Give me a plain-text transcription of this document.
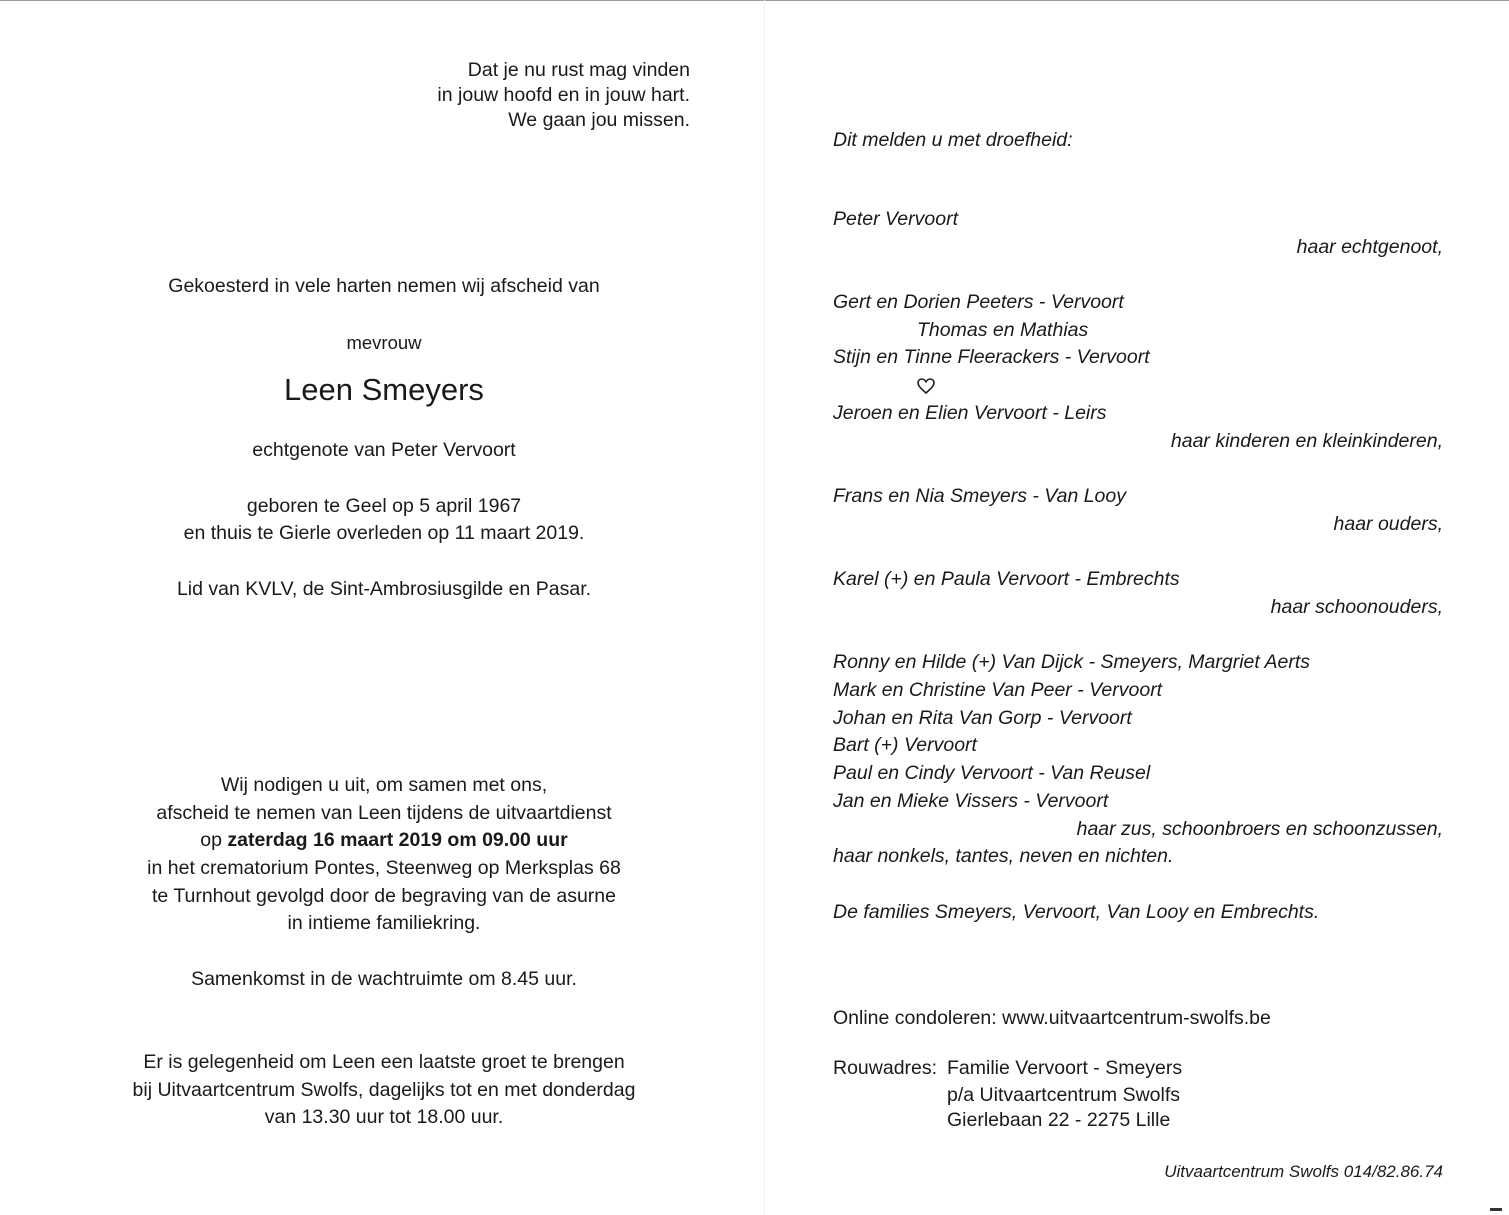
Dat je nu rust mag vinden
in jouw hoofd en in jouw hart.
We gaan jou missen.
Gekoesterd in vele harten nemen wij afscheid van
mevrouw
Leen Smeyers
echtgenote van Peter Vervoort
geboren te Geel op 5 april 1967
en thuis te Gierle overleden op 11 maart 2019.
Lid van KVLV, de Sint-Ambrosiusgilde en Pasar.
Wij nodigen u uit, om samen met ons,
afscheid te nemen van Leen tijdens de uitvaartdienst
op zaterdag 16 maart 2019 om 09.00 uur
in het crematorium Pontes, Steenweg op Merksplas 68
te Turnhout gevolgd door de begraving van de asurne
in intieme familiekring.
Samenkomst in de wachtruimte om 8.45 uur.
Er is gelegenheid om Leen een laatste groet te brengen
bij Uitvaartcentrum Swolfs, dagelijks tot en met donderdag
van 13.30 uur tot 18.00 uur.
Dit melden u met droefheid:
Peter Vervoort
haar echtgenoot,
Gert en Dorien Peeters - Vervoort
Thomas en Mathias
Stijn en Tinne Fleerackers - Vervoort
Jeroen en Elien Vervoort - Leirs
haar kinderen en kleinkinderen,
Frans en Nia Smeyers - Van Looy
haar ouders,
Karel (+) en Paula Vervoort - Embrechts
haar schoonouders,
Ronny en Hilde (+) Van Dijck - Smeyers, Margriet Aerts
Mark en Christine Van Peer - Vervoort
Johan en Rita Van Gorp - Vervoort
Bart (+) Vervoort
Paul en Cindy Vervoort - Van Reusel
Jan en Mieke Vissers - Vervoort
haar zus, schoonbroers en schoonzussen,
haar nonkels, tantes, neven en nichten.
De families Smeyers, Vervoort, Van Looy en Embrechts.
Online condoleren: www.uitvaartcentrum-swolfs.be
Rouwadres: Familie Vervoort - Smeyers
p/a Uitvaartcentrum Swolfs
Gierlebaan 22 - 2275 Lille
Uitvaartcentrum Swolfs 014/82.86.74
